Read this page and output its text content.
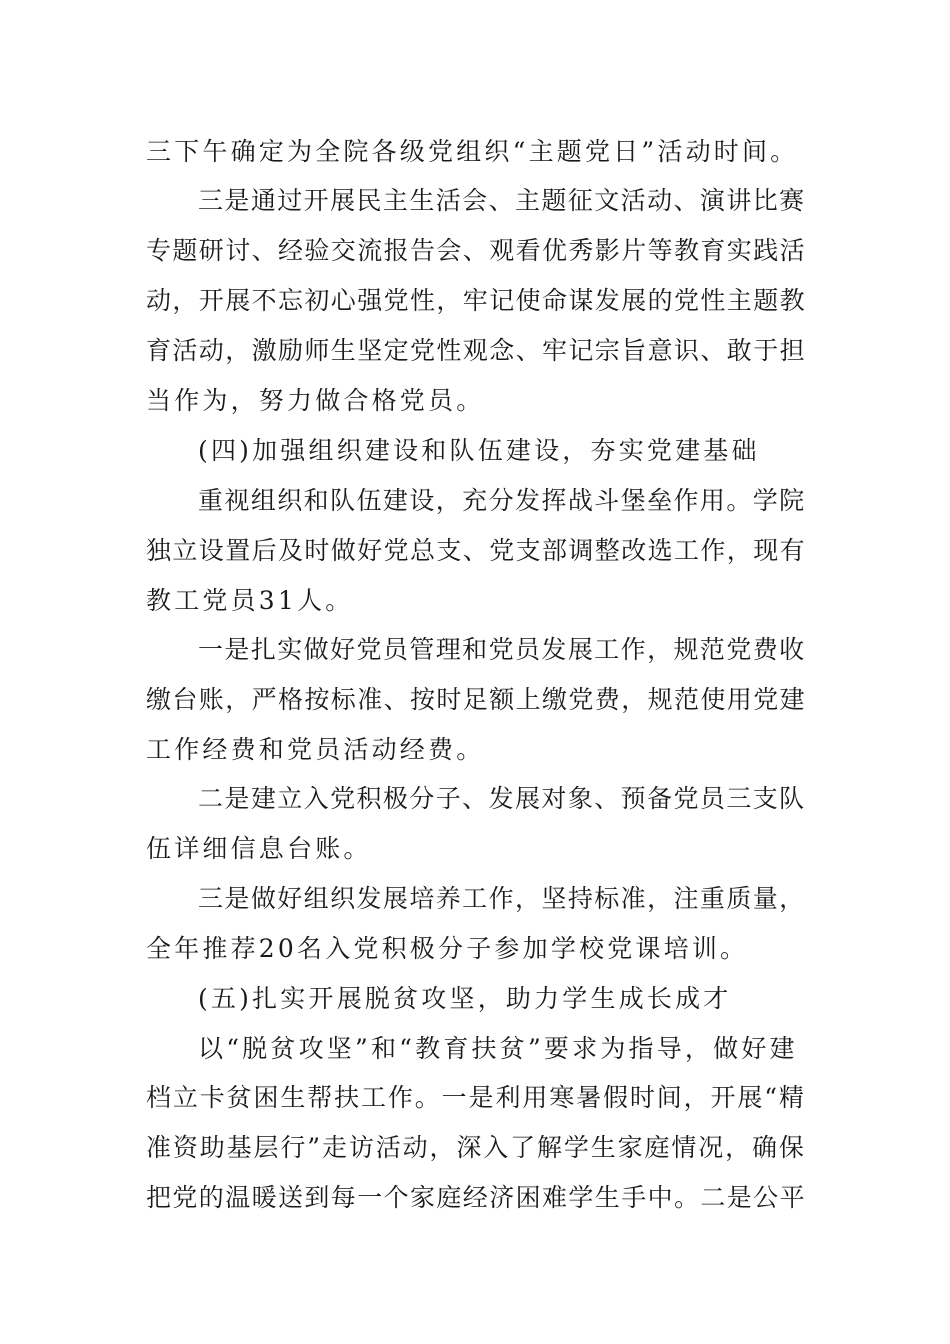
三下午确定为全院各级党组织“主题党日”活动时间。
三是通过开展民主生活会、主题征文活动、演讲比赛
专题研讨、经验交流报告会、观看优秀影片等教育实践活
动，开展不忘初心强党性，牢记使命谋发展的党性主题教
育活动，激励师生坚定党性观念、牢记宗旨意识、敢于担
当作为，努力做合格党员。
(四)加强组织建设和队伍建设，夯实党建基础
重视组织和队伍建设，充分发挥战斗堡垒作用。学院
独立设置后及时做好党总支、党支部调整改选工作，现有
教工党员31人。
一是扎实做好党员管理和党员发展工作，规范党费收
缴台账，严格按标准、按时足额上缴党费，规范使用党建
工作经费和党员活动经费。
二是建立入党积极分子、发展对象、预备党员三支队
伍详细信息台账。
三是做好组织发展培养工作，坚持标准，注重质量，
全年推荐20名入党积极分子参加学校党课培训。
(五)扎实开展脱贫攻坚，助力学生成长成才
以“脱贫攻坚”和“教育扶贫”要求为指导，做好建
档立卡贫困生帮扶工作。一是利用寒暑假时间，开展“精
准资助基层行”走访活动，深入了解学生家庭情况，确保
把党的温暖送到每一个家庭经济困难学生手中。二是公平
